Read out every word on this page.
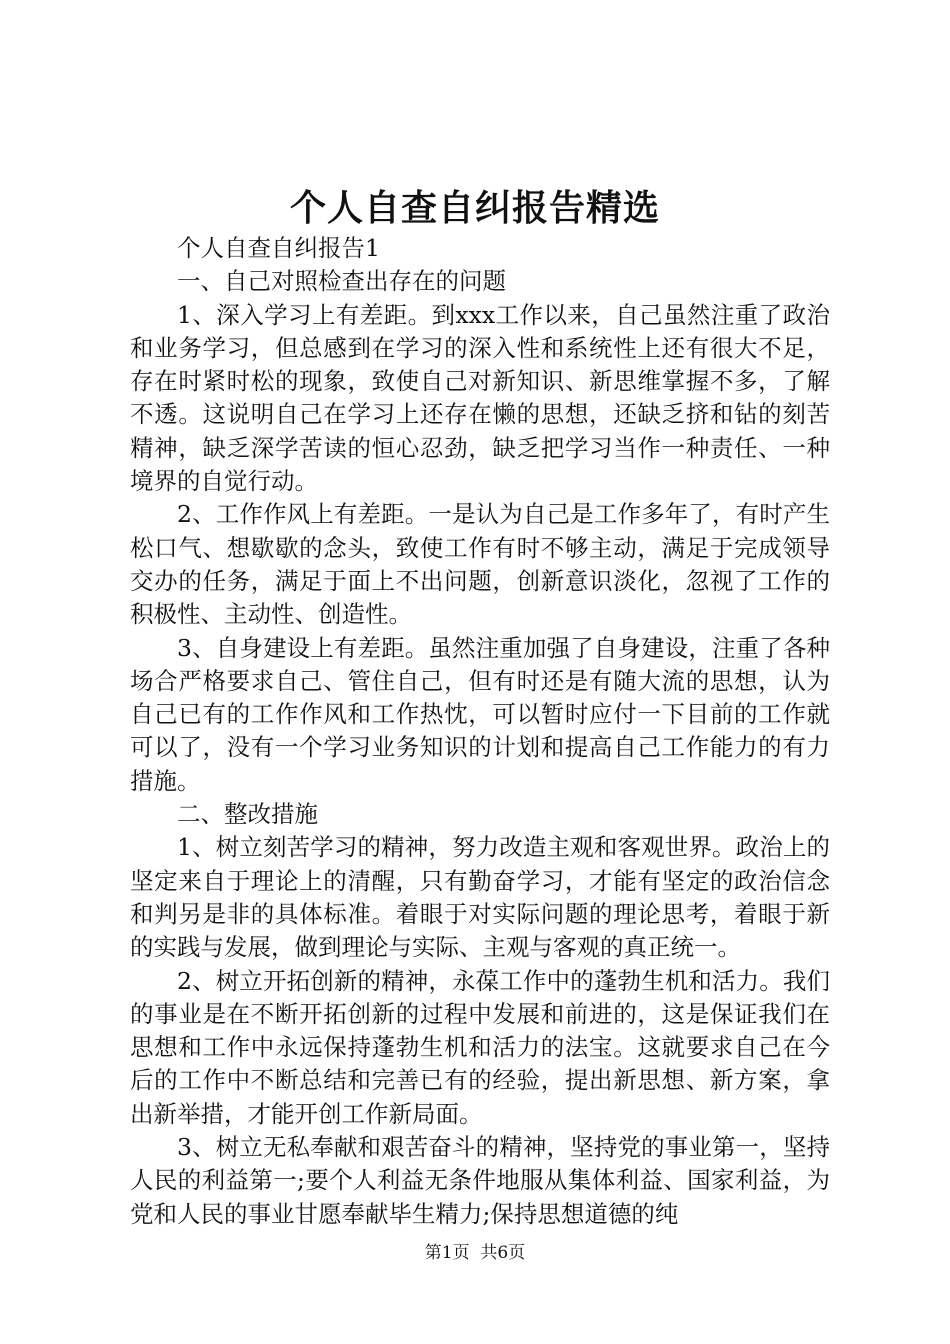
个人自查自纠报告精选

个人自查自纠报告1

一、自己对照检查出存在的问题

1、深入学习上有差距。到xxx工作以来，自己虽然注重了政治和业务学习，但总感到在学习的深入性和系统性上还有很大不足，存在时紧时松的现象，致使自己对新知识、新思维掌握不多，了解不透。这说明自己在学习上还存在懒的思想，还缺乏挤和钻的刻苦精神，缺乏深学苦读的恒心忍劲，缺乏把学习当作一种责任、一种境界的自觉行动。

2、工作作风上有差距。一是认为自己是工作多年了，有时产生松口气、想歇歇的念头，致使工作有时不够主动，满足于完成领导交办的任务，满足于面上不出问题，创新意识淡化，忽视了工作的积极性、主动性、创造性。

3、自身建设上有差距。虽然注重加强了自身建设，注重了各种场合严格要求自己、管住自己，但有时还是有随大流的思想，认为自己已有的工作作风和工作热忱，可以暂时应付一下目前的工作就可以了，没有一个学习业务知识的计划和提高自己工作能力的有力措施。

二、整改措施

1、树立刻苦学习的精神，努力改造主观和客观世界。政治上的坚定来自于理论上的清醒，只有勤奋学习，才能有坚定的政治信念和判另是非的具体标准。着眼于对实际问题的理论思考，着眼于新的实践与发展，做到理论与实际、主观与客观的真正统一。

2、树立开拓创新的精神，永葆工作中的蓬勃生机和活力。我们的事业是在不断开拓创新的过程中发展和前进的，这是保证我们在思想和工作中永远保持蓬勃生机和活力的法宝。这就要求自己在今后的工作中不断总结和完善已有的经验，提出新思想、新方案，拿出新举措，才能开创工作新局面。

3、树立无私奉献和艰苦奋斗的精神，坚持党的事业第一，坚持人民的利益第一;要个人利益无条件地服从集体利益、国家利益，为党和人民的事业甘愿奉献毕生精力;保持思想道德的纯

第1页 共6页
